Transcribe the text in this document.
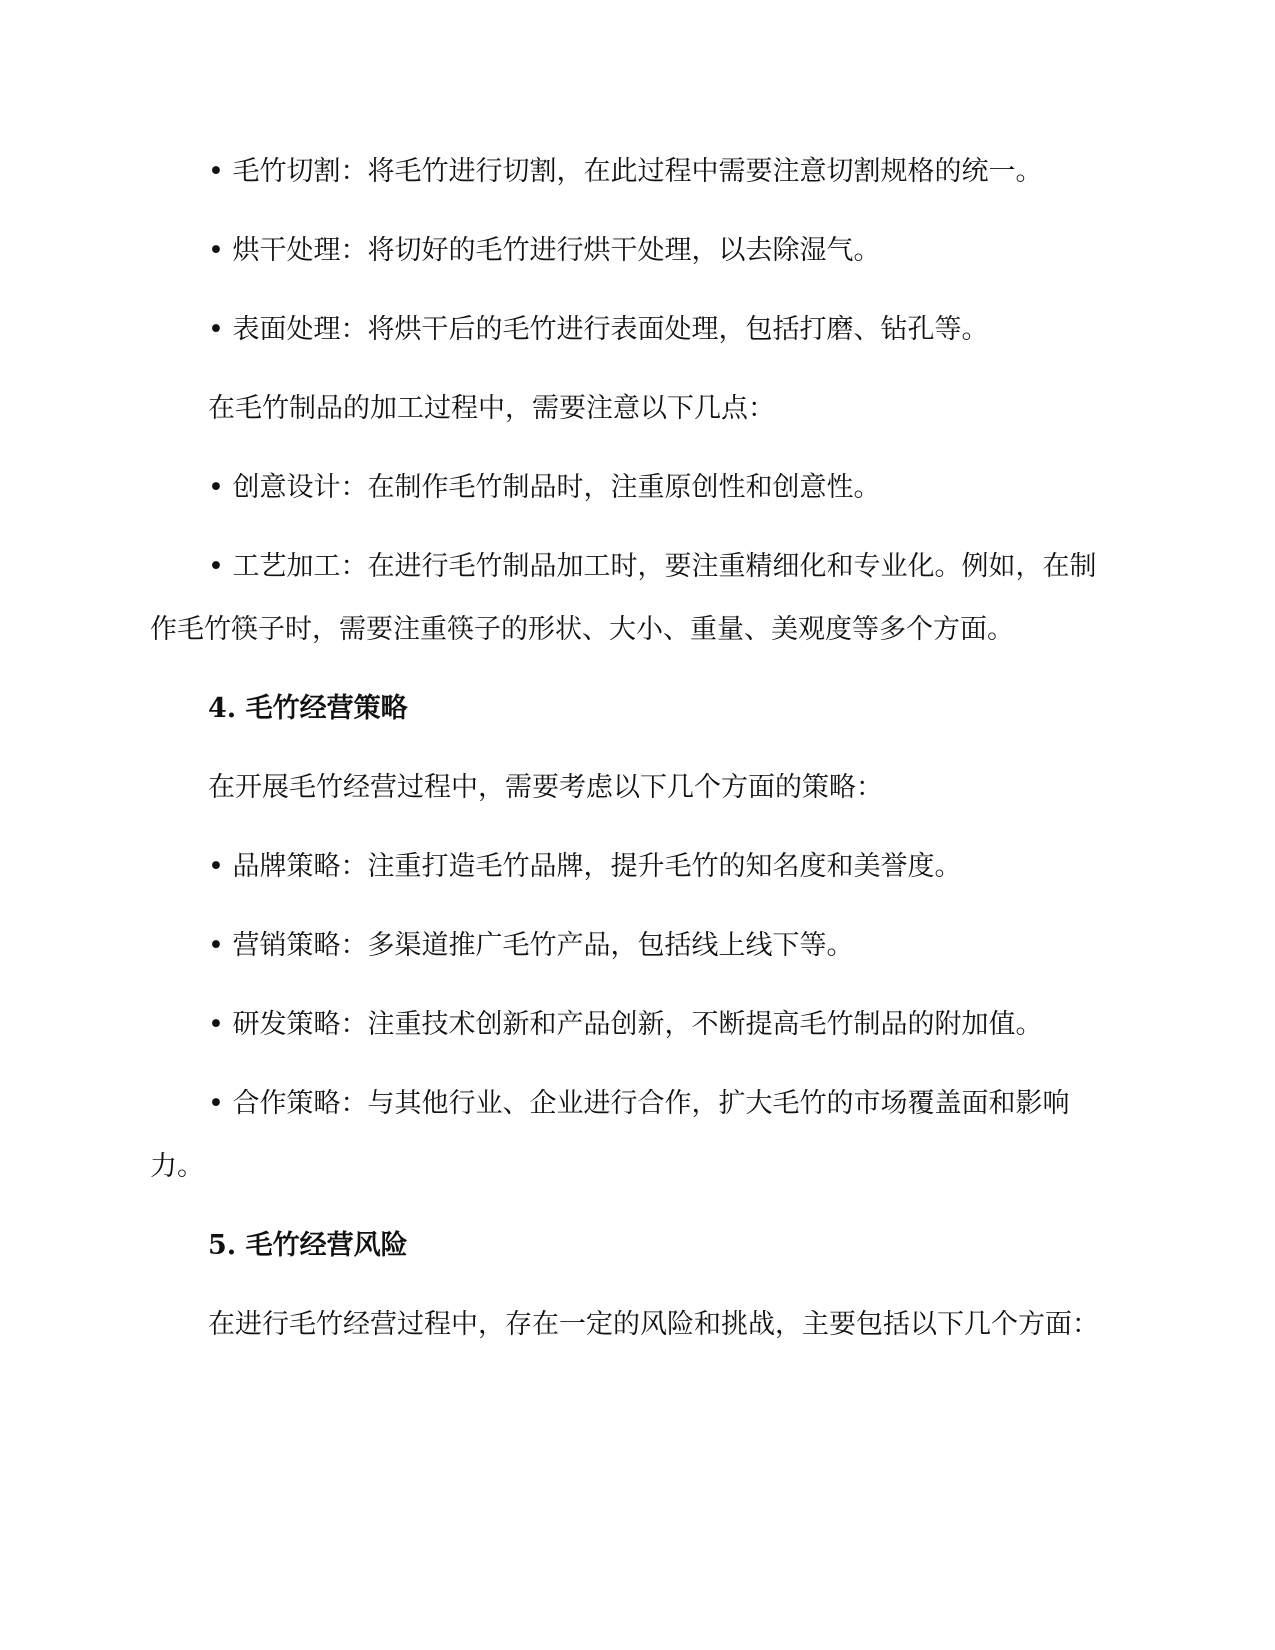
• 毛竹切割：将毛竹进行切割，在此过程中需要注意切割规格的统一。

• 烘干处理：将切好的毛竹进行烘干处理，以去除湿气。

• 表面处理：将烘干后的毛竹进行表面处理，包括打磨、钻孔等。

在毛竹制品的加工过程中，需要注意以下几点：

• 创意设计：在制作毛竹制品时，注重原创性和创意性。

• 工艺加工：在进行毛竹制品加工时，要注重精细化和专业化。例如，在制作毛竹筷子时，需要注重筷子的形状、大小、重量、美观度等多个方面。

4. 毛竹经营策略

在开展毛竹经营过程中，需要考虑以下几个方面的策略：

• 品牌策略：注重打造毛竹品牌，提升毛竹的知名度和美誉度。

• 营销策略：多渠道推广毛竹产品，包括线上线下等。

• 研发策略：注重技术创新和产品创新，不断提高毛竹制品的附加值。

• 合作策略：与其他行业、企业进行合作，扩大毛竹的市场覆盖面和影响力。

5. 毛竹经营风险

在进行毛竹经营过程中，存在一定的风险和挑战，主要包括以下几个方面：
